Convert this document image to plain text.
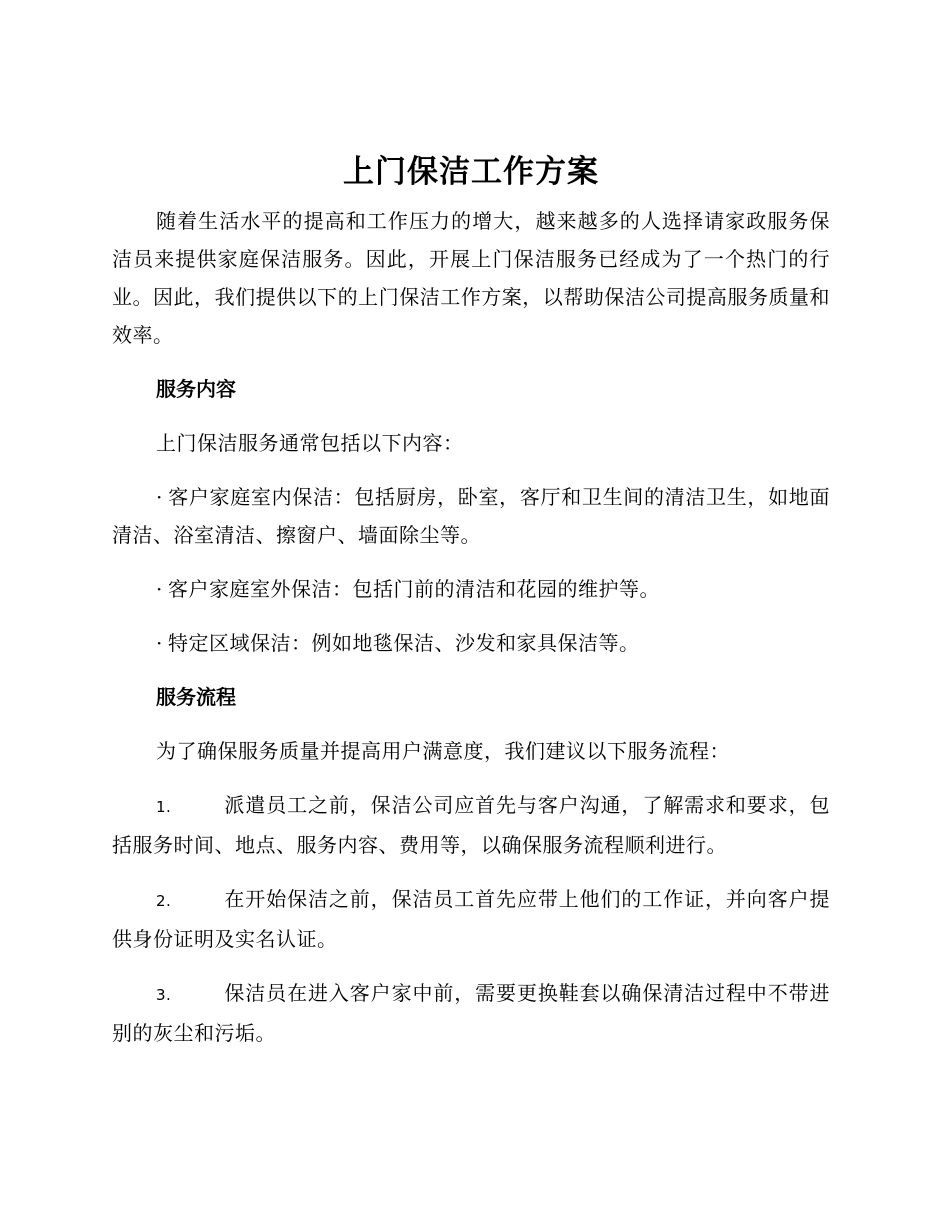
上门保洁工作方案

随着生活水平的提高和工作压力的增大，越来越多的人选择请家政服务保洁员来提供家庭保洁服务。因此，开展上门保洁服务已经成为了一个热门的行业。因此，我们提供以下的上门保洁工作方案，以帮助保洁公司提高服务质量和效率。

服务内容

上门保洁服务通常包括以下内容：

· 客户家庭室内保洁：包括厨房，卧室，客厅和卫生间的清洁卫生，如地面清洁、浴室清洁、擦窗户、墙面除尘等。

· 客户家庭室外保洁：包括门前的清洁和花园的维护等。

· 特定区域保洁：例如地毯保洁、沙发和家具保洁等。

服务流程

为了确保服务质量并提高用户满意度，我们建议以下服务流程：

1.	派遣员工之前，保洁公司应首先与客户沟通，了解需求和要求，包括服务时间、地点、服务内容、费用等，以确保服务流程顺利进行。

2.	在开始保洁之前，保洁员工首先应带上他们的工作证，并向客户提供身份证明及实名认证。

3.	保洁员在进入客户家中前，需要更换鞋套以确保清洁过程中不带进别的灰尘和污垢。
